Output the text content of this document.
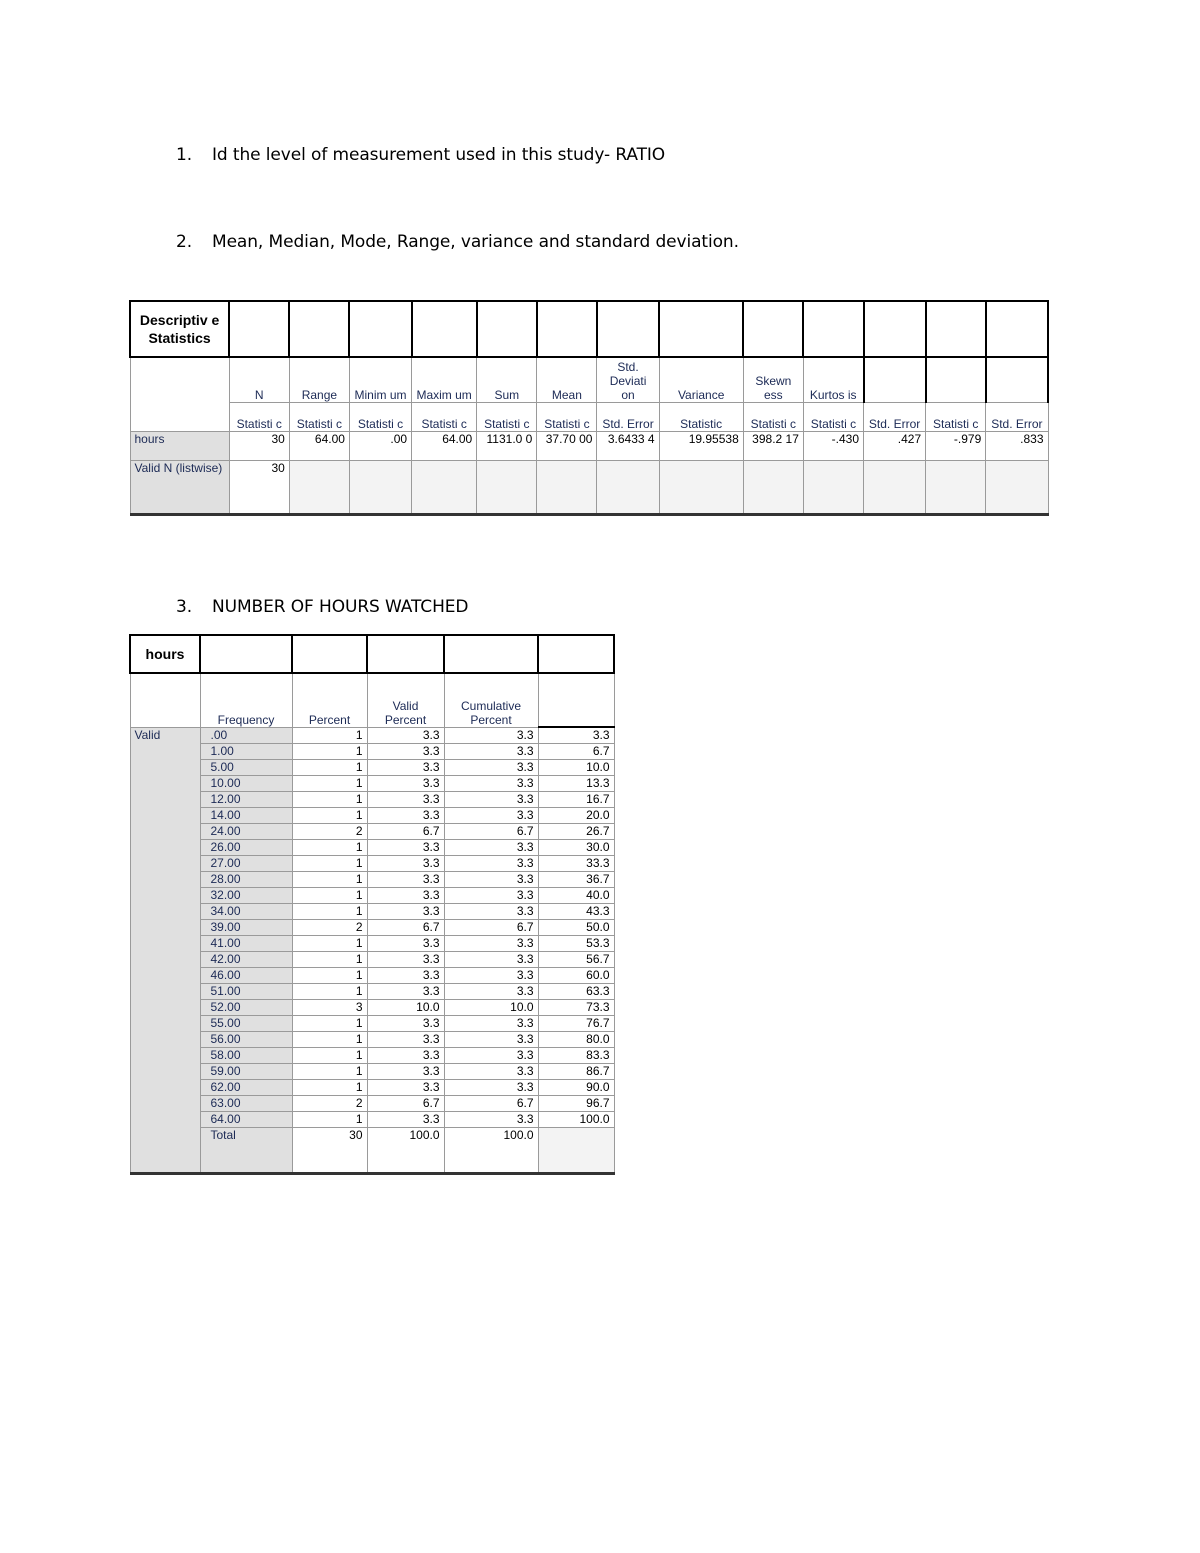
1. Id the level of measurement used in this study- RATIO
2. Mean, Median, Mode, Range, variance and standard deviation.
3. NUMBER OF HOURS WATCHED
Descriptiv e Statistics													
	N	Range	Minim um	Maxim um	Sum	Mean	Std. Deviati on	Variance	Skewn ess	Kurtos is			
	Statisti c	Statisti c	Statisti c	Statisti c	Statisti c	Statisti c	Std. Error	Statistic	Statisti c	Statisti c	Std. Error	Statisti c	Std. Error
hours	30	64.00	.00	64.00	1131.0 0	37.70 00	3.6433 4	19.95538	398.2 17	-.430	.427	-.979	.833
Valid N (listwise)	30												
hours					
	Frequency	Percent	Valid Percent	Cumulative Percent	
Valid	.00	1	3.3	3.3	3.3
	1.00	1	3.3	3.3	6.7
	5.00	1	3.3	3.3	10.0
	10.00	1	3.3	3.3	13.3
	12.00	1	3.3	3.3	16.7
	14.00	1	3.3	3.3	20.0
	24.00	2	6.7	6.7	26.7
	26.00	1	3.3	3.3	30.0
	27.00	1	3.3	3.3	33.3
	28.00	1	3.3	3.3	36.7
	32.00	1	3.3	3.3	40.0
	34.00	1	3.3	3.3	43.3
	39.00	2	6.7	6.7	50.0
	41.00	1	3.3	3.3	53.3
	42.00	1	3.3	3.3	56.7
	46.00	1	3.3	3.3	60.0
	51.00	1	3.3	3.3	63.3
	52.00	3	10.0	10.0	73.3
	55.00	1	3.3	3.3	76.7
	56.00	1	3.3	3.3	80.0
	58.00	1	3.3	3.3	83.3
	59.00	1	3.3	3.3	86.7
	62.00	1	3.3	3.3	90.0
	63.00	2	6.7	6.7	96.7
	64.00	1	3.3	3.3	100.0
	Total	30	100.0	100.0	
